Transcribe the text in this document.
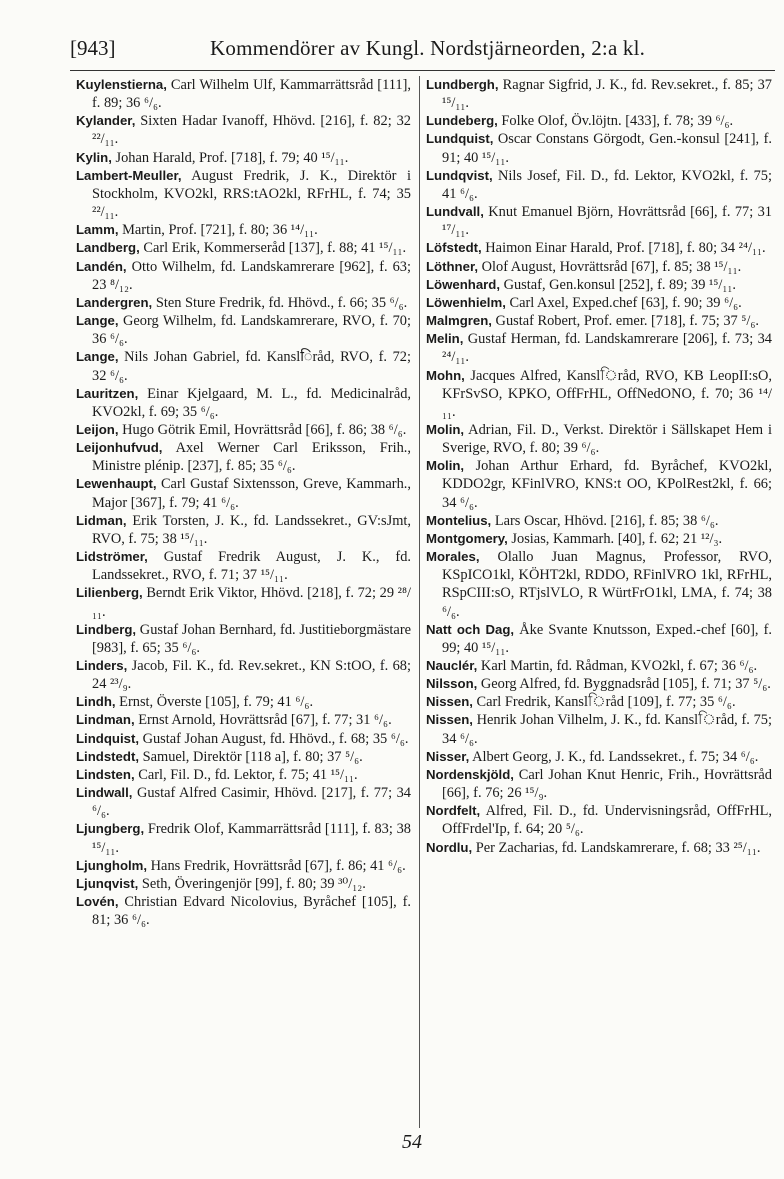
[943]	Kommendörer av Kungl. Nordstjärneorden, 2:a kl.

Kuylenstierna, Carl Wilhelm Ulf, Kammarrättsråd [111], f. 89; 36 ⁶/₆.

Kylander, Sixten Hadar Ivanoff, Hhövd. [216], f. 82; 32 ²²/₁₁.

Kylin, Johan Harald, Prof. [718], f. 79; 40 ¹⁵/₁₁.

Lambert-Meuller, August Fredrik, J. K., Direktör i Stockholm, KVO2kl, RRS:tAO2kl, RFrHL, f. 74; 35 ²²/₁₁.

Lamm, Martin, Prof. [721], f. 80; 36 ¹⁴/₁₁.

Landberg, Carl Erik, Kommerseråd [137], f. 88; 41 ¹⁵/₁₁.

Landén, Otto Wilhelm, fd. Landskamrerare [962], f. 63; 23 ⁸/₁₂.

Landergren, Sten Sture Fredrik, fd. Hhövd., f. 66; 35 ⁶/₆.

Lange, Georg Wilhelm, fd. Landskamrerare, RVO, f. 70; 36 ⁶/₆.

Lange, Nils Johan Gabriel, fd. Kanslिråd, RVO, f. 72; 32 ⁶/₆.

Lauritzen, Einar Kjelgaard, M. L., fd. Medicinalråd, KVO2kl, f. 69; 35 ⁶/₆.

Leijon, Hugo Götrik Emil, Hovrättsråd [66], f. 86; 38 ⁶/₆.

Leijonhufvud, Axel Werner Carl Eriksson, Frih., Ministre plénip. [237], f. 85; 35 ⁶/₆.

Lewenhaupt, Carl Gustaf Sixtensson, Greve, Kammarh., Major [367], f. 79; 41 ⁶/₆.

Lidman, Erik Torsten, J. K., fd. Landssekret., GV:sJmt, RVO, f. 75; 38 ¹⁵/₁₁.

Lidströmer, Gustaf Fredrik August, J. K., fd. Landssekret., RVO, f. 71; 37 ¹⁵/₁₁.

Lilienberg, Berndt Erik Viktor, Hhövd. [218], f. 72; 29 ²⁸/₁₁.

Lindberg, Gustaf Johan Bernhard, fd. Justitieborgmästare [983], f. 65; 35 ⁶/₆.

Linders, Jacob, Fil. K., fd. Rev.sekret., KN S:tOO, f. 68; 24 ²³/₉.

Lindh, Ernst, Överste [105], f. 79; 41 ⁶/₆.

Lindman, Ernst Arnold, Hovrättsråd [67], f. 77; 31 ⁶/₆.

Lindquist, Gustaf Johan August, fd. Hhövd., f. 68; 35 ⁶/₆.

Lindstedt, Samuel, Direktör [118 a], f. 80; 37 ⁵/₆.

Lindsten, Carl, Fil. D., fd. Lektor, f. 75; 41 ¹⁵/₁₁.

Lindwall, Gustaf Alfred Casimir, Hhövd. [217], f. 77; 34 ⁶/₆.

Ljungberg, Fredrik Olof, Kammarrättsråd [111], f. 83; 38 ¹⁵/₁₁.

Ljungholm, Hans Fredrik, Hovrättsråd [67], f. 86; 41 ⁶/₆.

Ljunqvist, Seth, Överingenjör [99], f. 80; 39 ³⁰/₁₂.

Lovén, Christian Edvard Nicolovius, Byråchef [105], f. 81; 36 ⁶/₆.

Lundbergh, Ragnar Sigfrid, J. K., fd. Rev.sekret., f. 85; 37 ¹⁵/₁₁.

Lundeberg, Folke Olof, Öv.löjtn. [433], f. 78; 39 ⁶/₆.

Lundquist, Oscar Constans Görgodt, Gen.-konsul [241], f. 91; 40 ¹⁵/₁₁.

Lundqvist, Nils Josef, Fil. D., fd. Lektor, KVO2kl, f. 75; 41 ⁶/₆.

Lundvall, Knut Emanuel Björn, Hovrättsråd [66], f. 77; 31 ¹⁷/₁₁.

Löfstedt, Haimon Einar Harald, Prof. [718], f. 80; 34 ²⁴/₁₁.

Löthner, Olof August, Hovrättsråd [67], f. 85; 38 ¹⁵/₁₁.

Löwenhard, Gustaf, Gen.konsul [252], f. 89; 39 ¹⁵/₁₁.

Löwenhielm, Carl Axel, Exped.chef [63], f. 90; 39 ⁶/₆.

Malmgren, Gustaf Robert, Prof. emer. [718], f. 75; 37 ⁵/₆.

Melin, Gustaf Herman, fd. Landskamrerare [206], f. 73; 34 ²⁴/₁₁.

Mohn, Jacques Alfred, Kanslিråd, RVO, KB LeopII:sO, KFrSvSO, KPKO, OffFrHL, OffNedONO, f. 70; 36 ¹⁴/₁₁.

Molin, Adrian, Fil. D., Verkst. Direktör i Sällskapet Hem i Sverige, RVO, f. 80; 39 ⁶/₆.

Molin, Johan Arthur Erhard, fd. Byråchef, KVO2kl, KDDO2gr, KFinlVRO, KNS:t OO, KPolRest2kl, f. 66; 34 ⁶/₆.

Montelius, Lars Oscar, Hhövd. [216], f. 85; 38 ⁶/₆.

Montgomery, Josias, Kammarh. [40], f. 62; 21 ¹²/₃.

Morales, Olallo Juan Magnus, Professor, RVO, KSpICO1kl, KÖHT2kl, RDDO, RFinlVRO 1kl, RFrHL, RSpCIII:sO, RTjslVLO, R WürtFrO1kl, LMA, f. 74; 38 ⁶/₆.

Natt och Dag, Åke Svante Knutsson, Exped.-chef [60], f. 99; 40 ¹⁵/₁₁.

Nauclér, Karl Martin, fd. Rådman, KVO2kl, f. 67; 36 ⁶/₆.

Nilsson, Georg Alfred, fd. Byggnadsråd [105], f. 71; 37 ⁵/₆.

Nissen, Carl Fredrik, Kanslিråd [109], f. 77; 35 ⁶/₆.

Nissen, Henrik Johan Vilhelm, J. K., fd. Kanslিråd, f. 75; 34 ⁶/₆.

Nisser, Albert Georg, J. K., fd. Landssekret., f. 75; 34 ⁶/₆.

Nordenskjöld, Carl Johan Knut Henric, Frih., Hovrättsråd [66], f. 76; 26 ¹⁵/₉.

Nordfelt, Alfred, Fil. D., fd. Undervisningsråd, OffFrHL, OffFrdel'Ip, f. 64; 20 ⁵/₆.

Nordlu, Per Zacharias, fd. Landskamrerare, f. 68; 33 ²⁵/₁₁.

54
